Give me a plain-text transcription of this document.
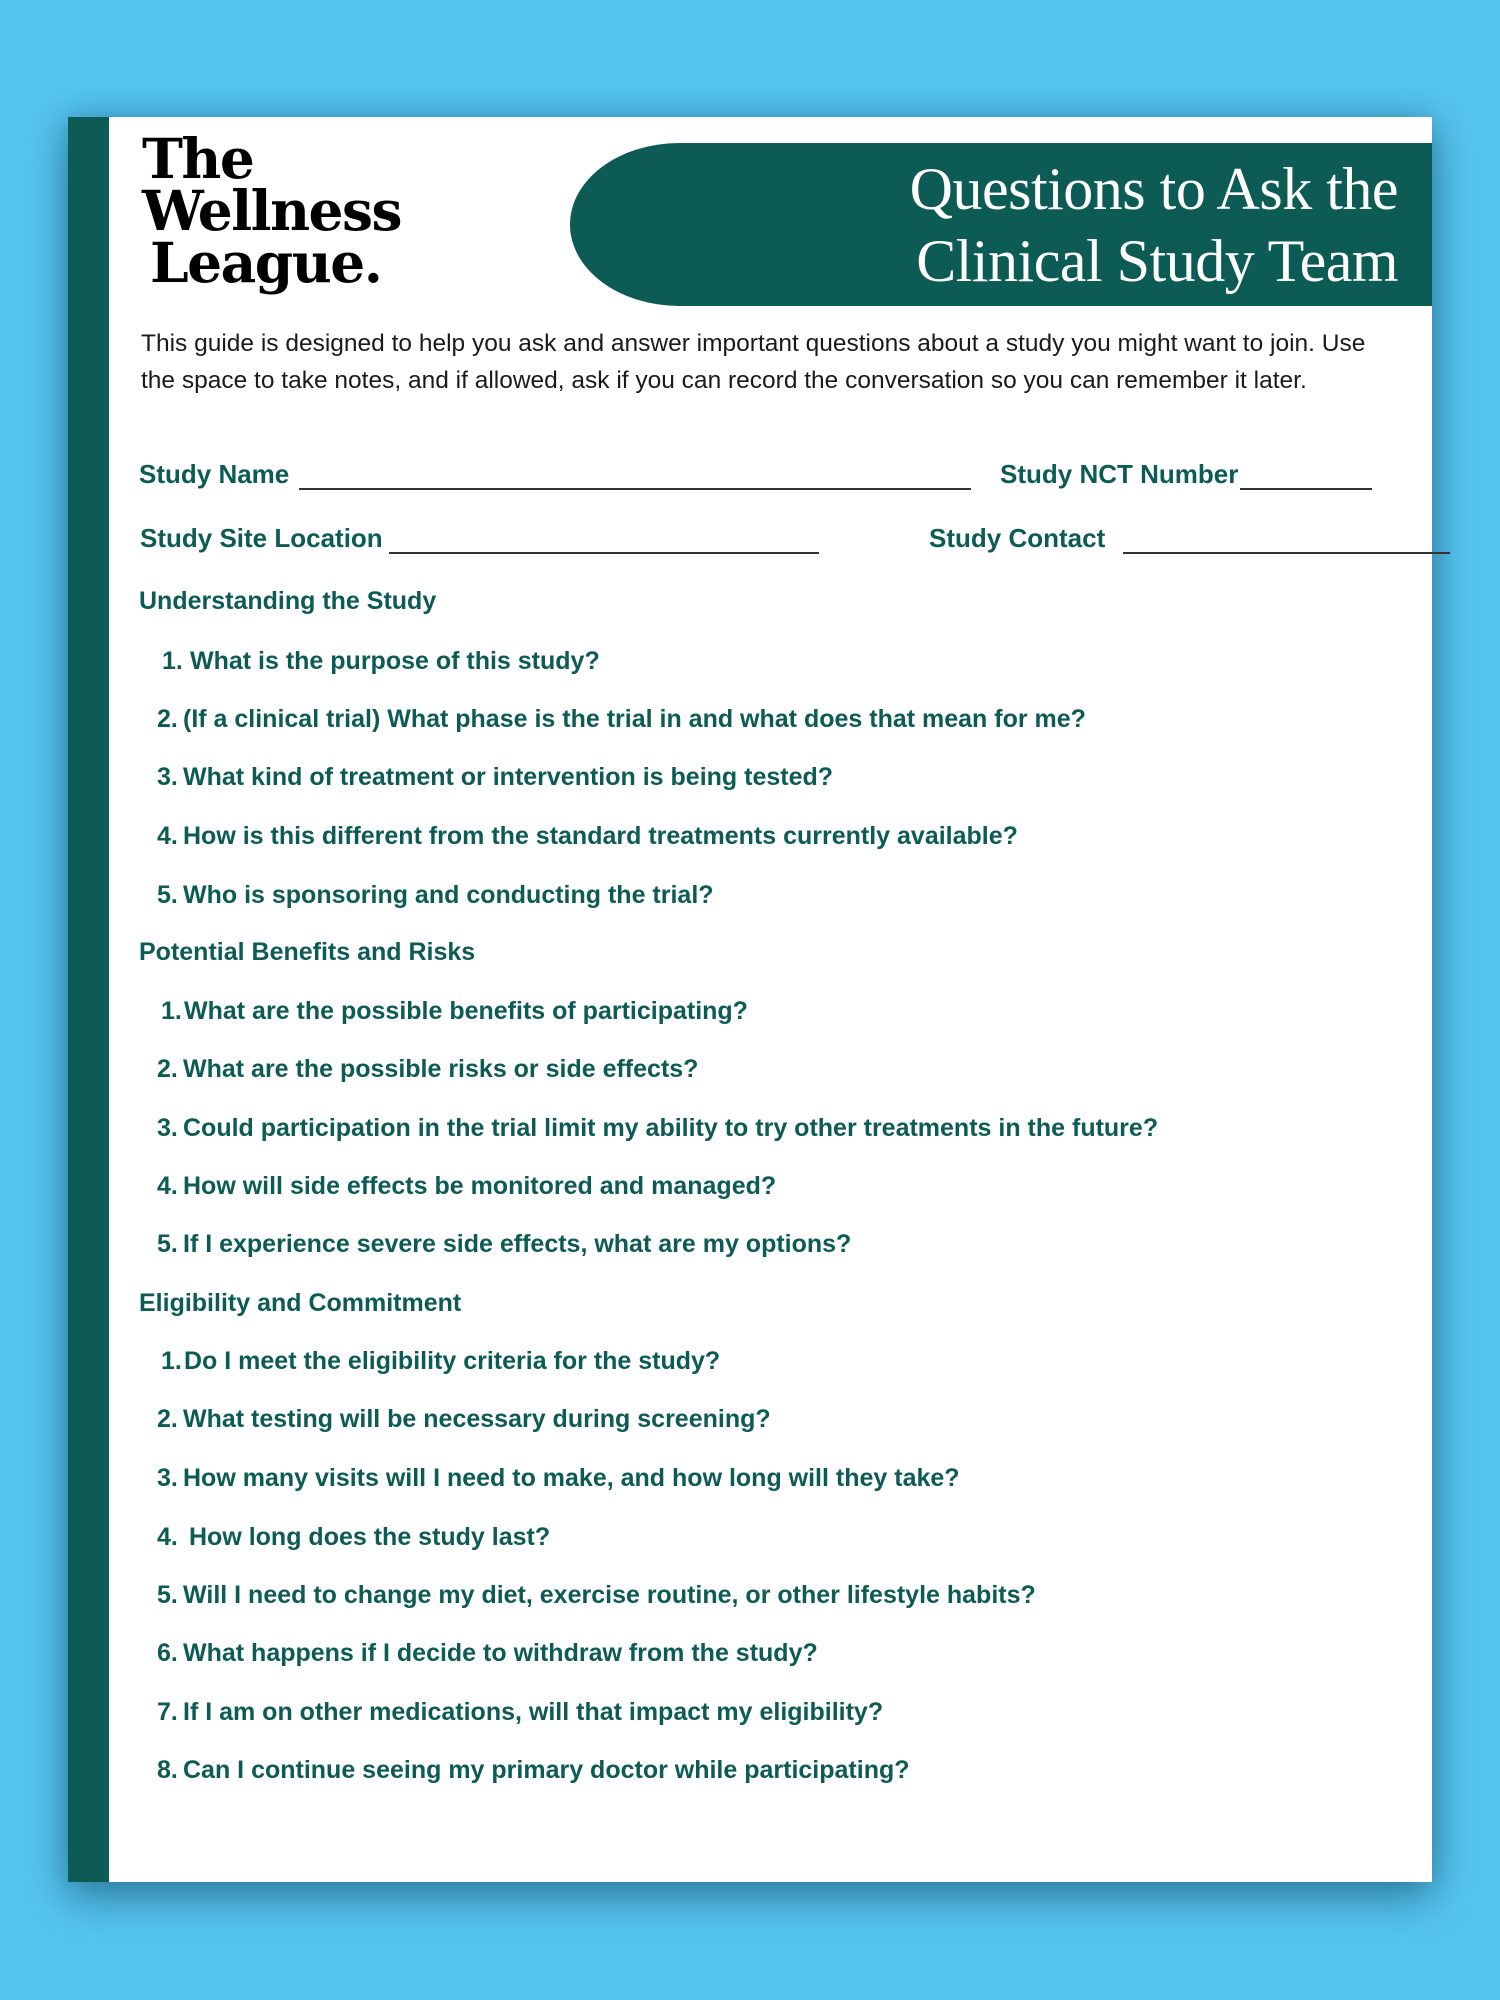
The
Wellness
League.
Questions to Ask the
Clinical Study Team
This guide is designed to help you ask and answer important questions about a study you might want to join. Use the space to take notes, and if allowed, ask if you can record the conversation so you can remember it later.
Study Name	Study NCT Number
Study Site Location	Study Contact
Understanding the Study
1. What is the purpose of this study?
2. (If a clinical trial) What phase is the trial in and what does that mean for me?
3. What kind of treatment or intervention is being tested?
4. How is this different from the standard treatments currently available?
5. Who is sponsoring and conducting the trial?
Potential Benefits and Risks
1.What are the possible benefits of participating?
2. What are the possible risks or side effects?
3. Could participation in the trial limit my ability to try other treatments in the future?
4. How will side effects be monitored and managed?
5. If I experience severe side effects, what are my options?
Eligibility and Commitment
1.Do I meet the eligibility criteria for the study?
2. What testing will be necessary during screening?
3. How many visits will I need to make, and how long will they take?
4. How long does the study last?
5. Will I need to change my diet, exercise routine, or other lifestyle habits?
6. What happens if I decide to withdraw from the study?
7. If I am on other medications, will that impact my eligibility?
8. Can I continue seeing my primary doctor while participating?
